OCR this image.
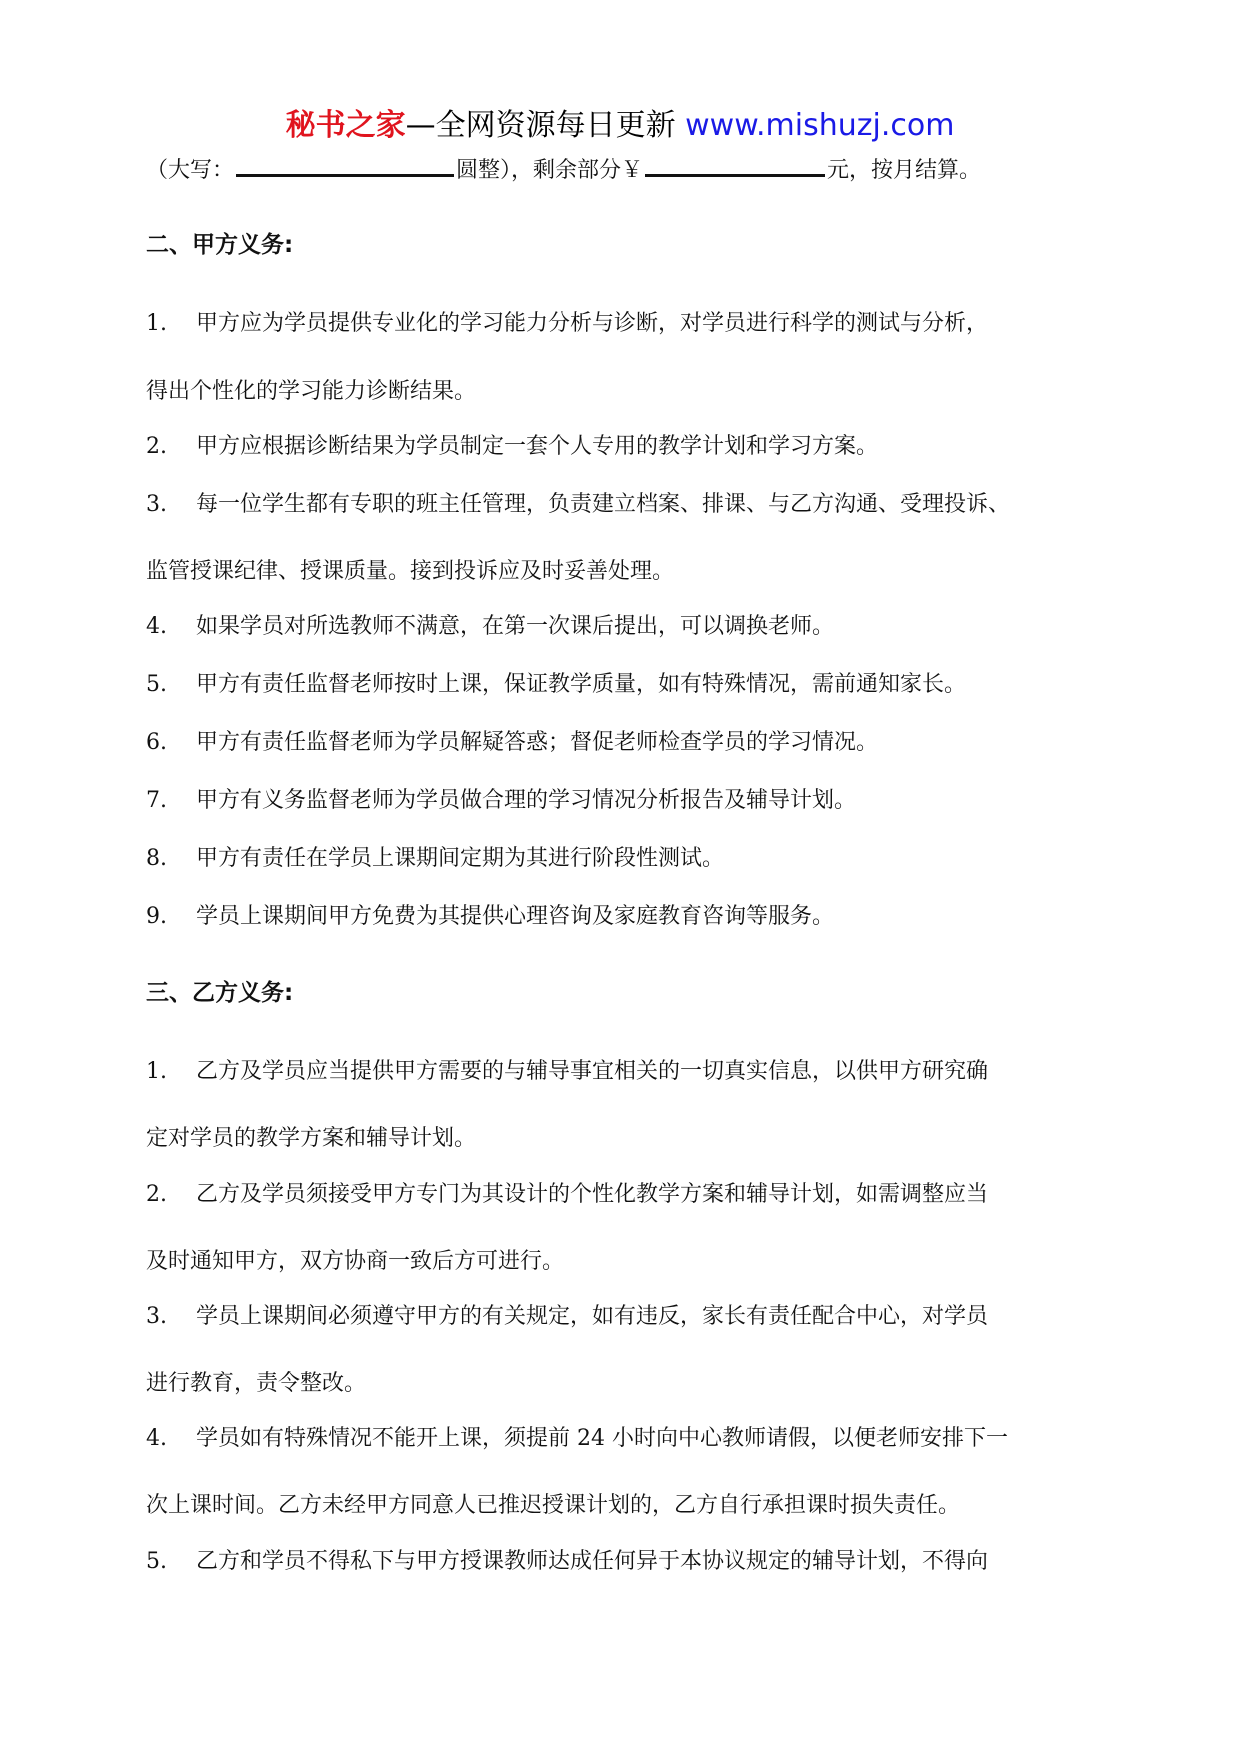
秘书之家—全网资源每日更新 www.mishuzj.com
（大写：	圆整），剩余部分￥	元，按月结算。
二、甲方义务:
1. 甲方应为学员提供专业化的学习能力分析与诊断，对学员进行科学的测试与分析，
得出个性化的学习能力诊断结果。
2. 甲方应根据诊断结果为学员制定一套个人专用的教学计划和学习方案。
3. 每一位学生都有专职的班主任管理，负责建立档案、排课、与乙方沟通、受理投诉、
监管授课纪律、授课质量。接到投诉应及时妥善处理。
4. 如果学员对所选教师不满意，在第一次课后提出，可以调换老师。
5. 甲方有责任监督老师按时上课，保证教学质量，如有特殊情况，需前通知家长。
6. 甲方有责任监督老师为学员解疑答惑；督促老师检查学员的学习情况。
7. 甲方有义务监督老师为学员做合理的学习情况分析报告及辅导计划。
8. 甲方有责任在学员上课期间定期为其进行阶段性测试。
9. 学员上课期间甲方免费为其提供心理咨询及家庭教育咨询等服务。
三、乙方义务:
1. 乙方及学员应当提供甲方需要的与辅导事宜相关的一切真实信息，以供甲方研究确
定对学员的教学方案和辅导计划。
2. 乙方及学员须接受甲方专门为其设计的个性化教学方案和辅导计划，如需调整应当
及时通知甲方，双方协商一致后方可进行。
3. 学员上课期间必须遵守甲方的有关规定，如有违反，家长有责任配合中心，对学员
进行教育，责令整改。
4. 学员如有特殊情况不能开上课，须提前 24 小时向中心教师请假，以便老师安排下一
次上课时间。乙方未经甲方同意人已推迟授课计划的，乙方自行承担课时损失责任。
5. 乙方和学员不得私下与甲方授课教师达成任何异于本协议规定的辅导计划，不得向
